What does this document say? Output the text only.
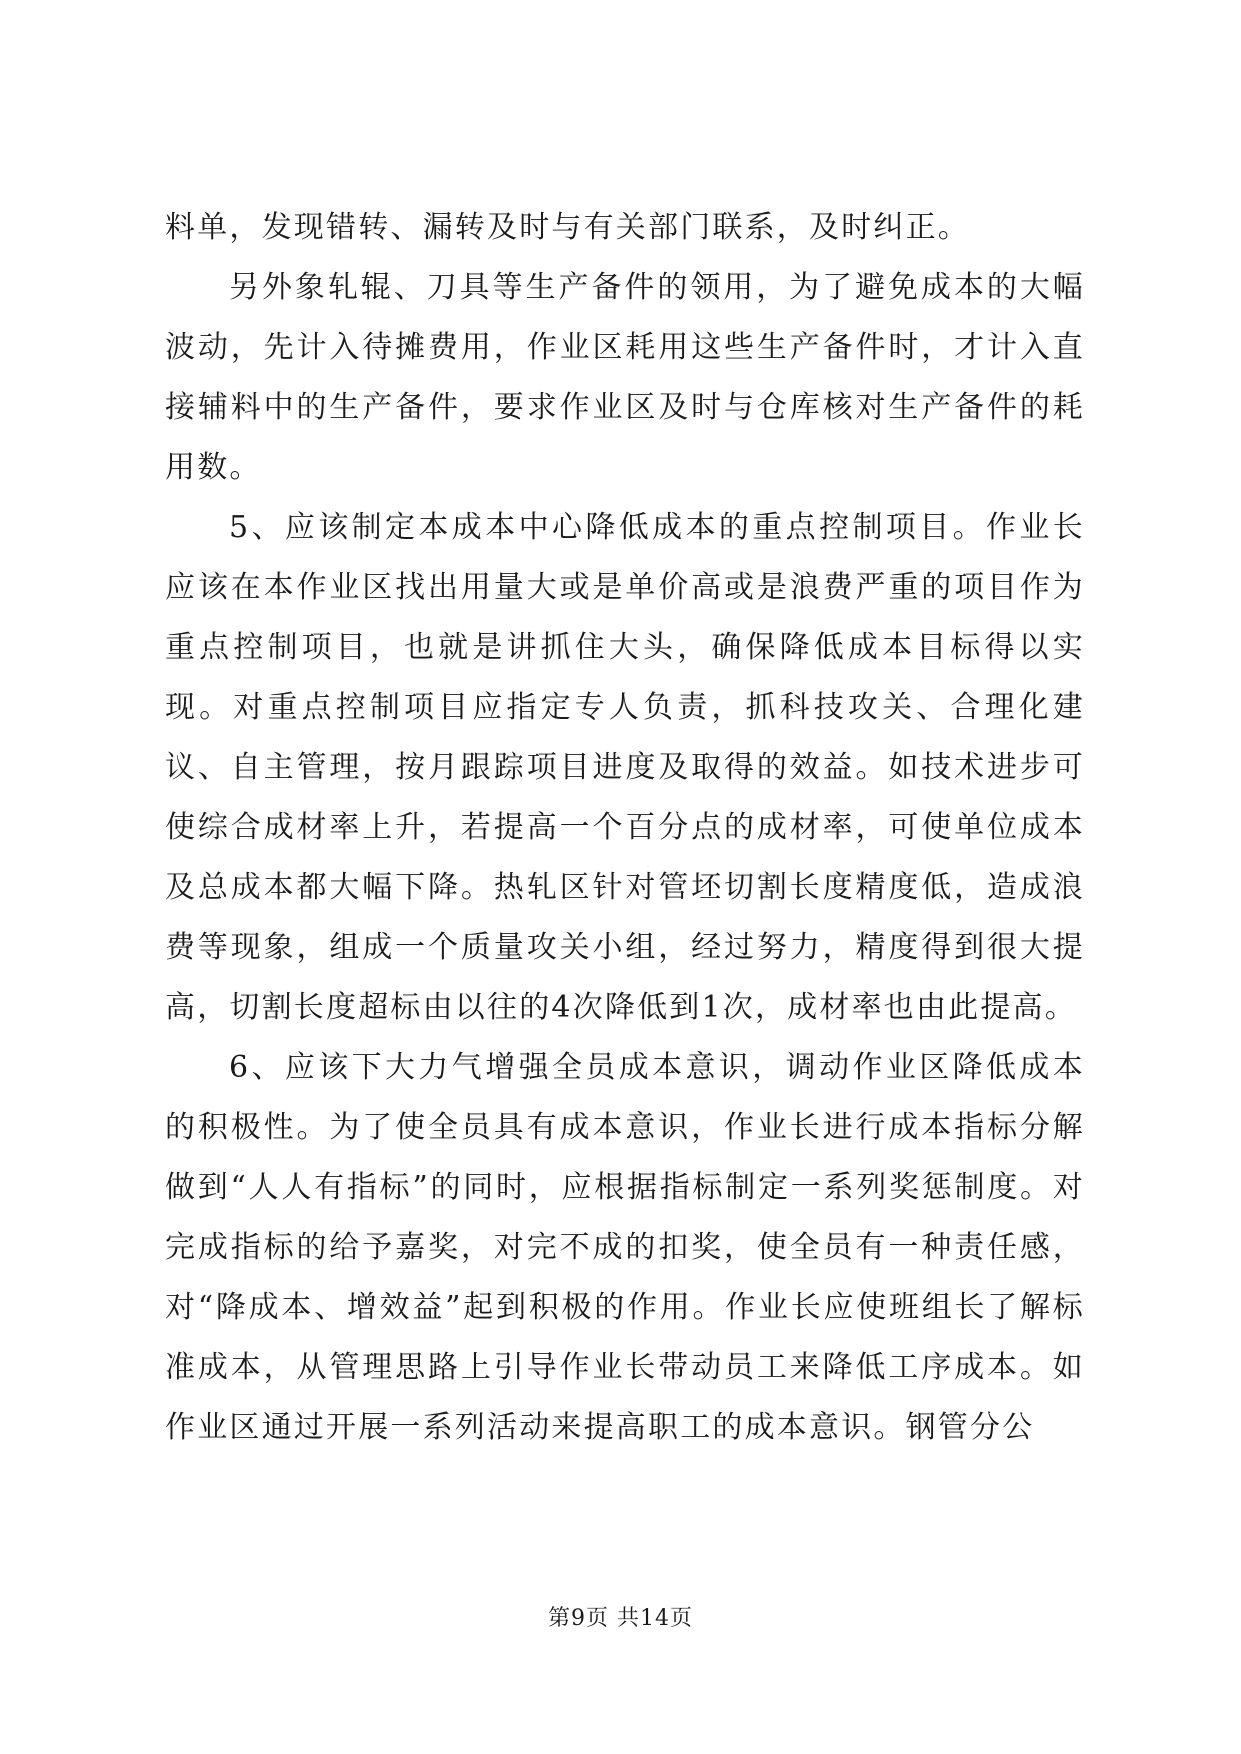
料单，发现错转、漏转及时与有关部门联系，及时纠正。

另外象轧辊、刀具等生产备件的领用，为了避免成本的大幅波动，先计入待摊费用，作业区耗用这些生产备件时，才计入直接辅料中的生产备件，要求作业区及时与仓库核对生产备件的耗用数。

5、应该制定本成本中心降低成本的重点控制项目。作业长应该在本作业区找出用量大或是单价高或是浪费严重的项目作为重点控制项目，也就是讲抓住大头，确保降低成本目标得以实现。对重点控制项目应指定专人负责，抓科技攻关、合理化建议、自主管理，按月跟踪项目进度及取得的效益。如技术进步可使综合成材率上升，若提高一个百分点的成材率，可使单位成本及总成本都大幅下降。热轧区针对管坯切割长度精度低，造成浪费等现象，组成一个质量攻关小组，经过努力，精度得到很大提高，切割长度超标由以往的4次降低到1次，成材率也由此提高。

6、应该下大力气增强全员成本意识，调动作业区降低成本的积极性。为了使全员具有成本意识，作业长进行成本指标分解做到“人人有指标”的同时，应根据指标制定一系列奖惩制度。对完成指标的给予嘉奖，对完不成的扣奖，使全员有一种责任感，对“降成本、增效益”起到积极的作用。作业长应使班组长了解标准成本，从管理思路上引导作业长带动员工来降低工序成本。如作业区通过开展一系列活动来提高职工的成本意识。钢管分公

第9页 共14页
